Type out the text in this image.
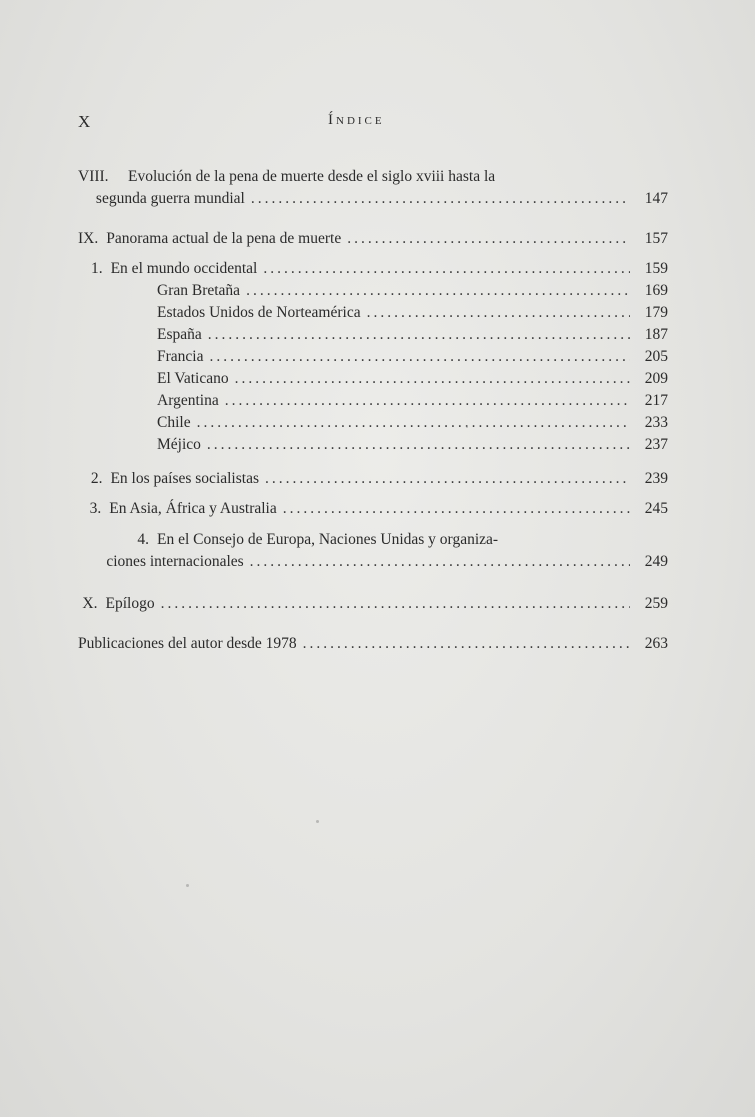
X	Índice
VIII.	Evolución de la pena de muerte desde el siglo xviii hasta la
segunda guerra mundial .....	147
IX. Panorama actual de la pena de muerte .....	157
1. En el mundo occidental .....	159
Gran Bretaña .....	169
Estados Unidos de Norteamérica .....	179
España .....	187
Francia .....	205
El Vaticano .....	209
Argentina .....	217
Chile .....	233
Méjico .....	237
2. En los países socialistas .....	239
3. En Asia, África y Australia .....	245
4. En el Consejo de Europa, Naciones Unidas y organiza-
ciones internacionales .....	249
X. Epílogo .....	259
Publicaciones del autor desde 1978 .....	263
